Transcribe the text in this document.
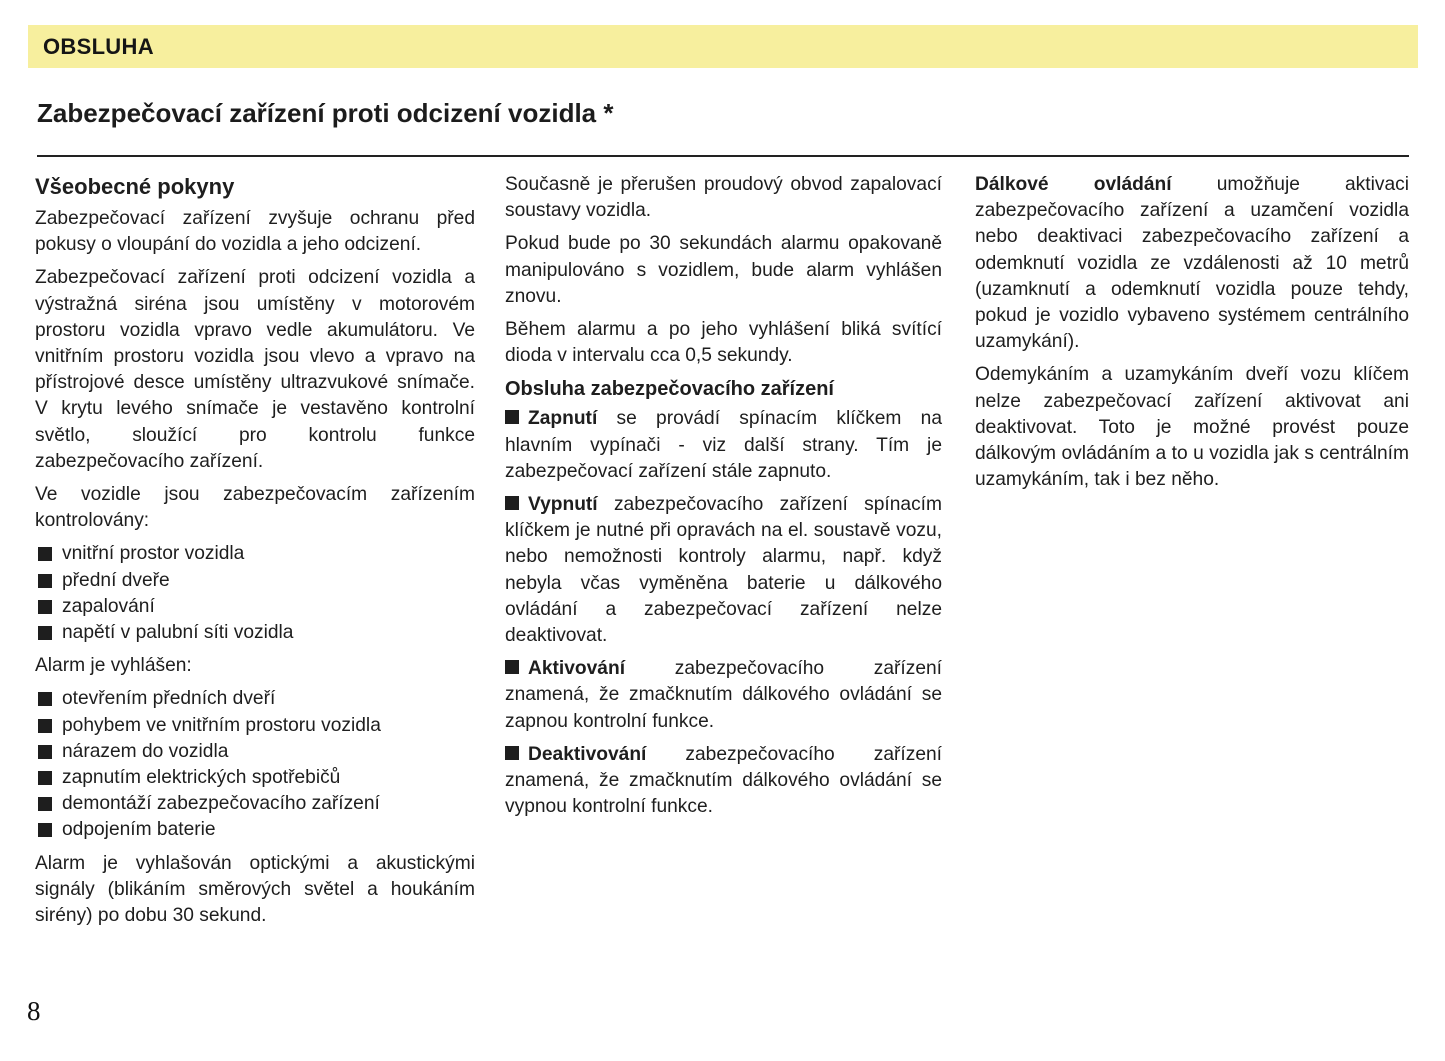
OBSLUHA
Zabezpečovací zařízení proti odcizení vozidla *
Všeobecné pokyny

Zabezpečovací zařízení zvyšuje ochranu před pokusy o vloupání do vozidla a jeho odcizení.

Zabezpečovací zařízení proti odcizení vozidla a výstražná siréna jsou umístěny v motorovém prostoru vozidla vpravo vedle akumulátoru. Ve vnitřním prostoru vozidla jsou vlevo a vpravo na přístrojové desce umístěny ultrazvukové snímače. V krytu levého snímače je vestavěno kontrolní světlo, sloužící pro kontrolu funkce zabezpečovacího zařízení.

Ve vozidle jsou zabezpečovacím zařízením kontrolovány:

vnitřní prostor vozidla
přední dveře
zapalování
napětí v palubní síti vozidla

Alarm je vyhlášen:

otevřením předních dveří
pohybem ve vnitřním prostoru vozidla
nárazem do vozidla
zapnutím elektrických spotřebičů
demontáží zabezpečovacího zařízení
odpojením baterie

Alarm je vyhlašován optickými a akustickými signály (blikáním směrových světel a houkáním sirény) po dobu 30 sekund.

Současně je přerušen proudový obvod zapalovací soustavy vozidla.

Pokud bude po 30 sekundách alarmu opakovaně manipulováno s vozidlem, bude alarm vyhlášen znovu.

Během alarmu a po jeho vyhlášení bliká svítící dioda v intervalu cca 0,5 sekundy.

Obsluha zabezpečovacího zařízení

Zapnutí se provádí spínacím klíčkem na hlavním vypínači - viz další strany. Tím je zabezpečovací zařízení stále zapnuto.

Vypnutí zabezpečovacího zařízení spínacím klíčkem je nutné při opravách na el. soustavě vozu, nebo nemožnosti kontroly alarmu, např. když nebyla včas vyměněna baterie u dálkového ovládání a zabezpečovací zařízení nelze deaktivovat.

Aktivování zabezpečovacího zařízení znamená, že zmačknutím dálkového ovládání se zapnou kontrolní funkce.

Deaktivování zabezpečovacího zařízení znamená, že zmačknutím dálkového ovládání se vypnou kontrolní funkce.

Dálkové ovládání umožňuje aktivaci zabezpečovacího zařízení a uzamčení vozidla nebo deaktivaci zabezpečovacího zařízení a odemknutí vozidla ze vzdálenosti až 10 metrů (uzamknutí a odemknutí vozidla pouze tehdy, pokud je vozidlo vybaveno systémem centrálního uzamykání).

Odemykáním a uzamykáním dveří vozu klíčem nelze zabezpečovací zařízení aktivovat ani deaktivovat. Toto je možné provést pouze dálkovým ovládáním a to u vozidla jak s centrálním uzamykáním, tak i bez něho.

8
